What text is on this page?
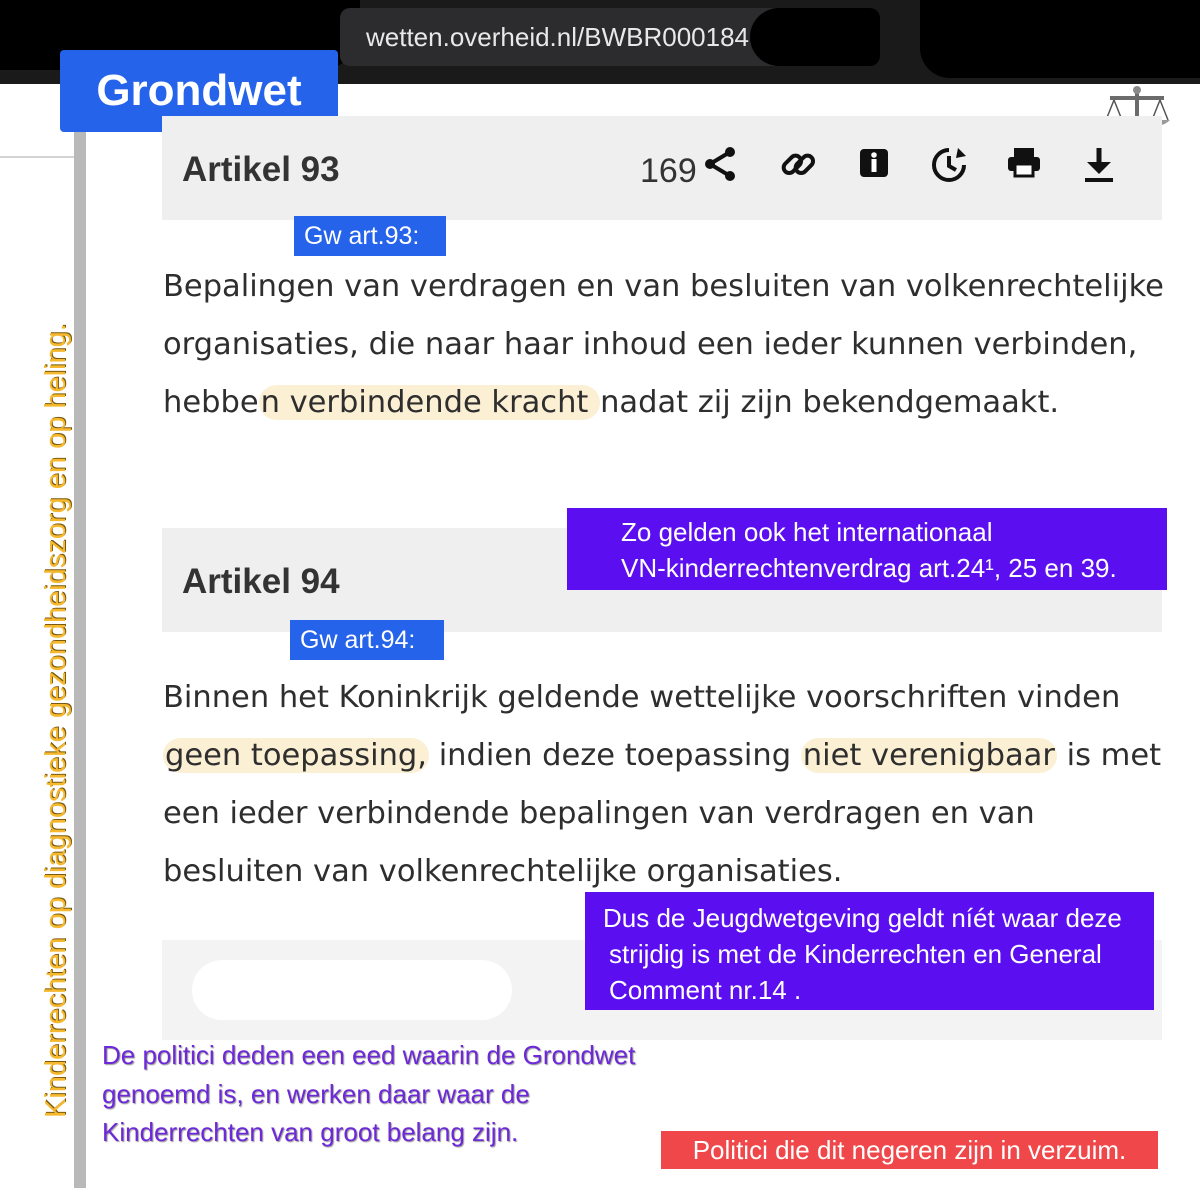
wetten.overheid.nl/BWBR000184
Grondwet
Kinderrechten op diagnostieke gezondheidszorg en op heling.
Artikel 93	169
Gw art.93:
Bepalingen van verdragen en van besluiten van volkenrechtelijke organisaties, die naar haar inhoud een ieder kunnen verbinden, hebben verbindende kracht nadat zij zijn bekendgemaakt.
Artikel 94
Zo gelden ook het internationaal
VN-kinderrechtenverdrag art.24¹, 25 en 39.
Gw art.94:
Binnen het Koninkrijk geldende wettelijke voorschriften vinden geen toepassing, indien deze toepassing niet verenigbaar is met een ieder verbindende bepalingen van verdragen en van besluiten van volkenrechtelijke organisaties.
Dus de Jeugdwetgeving geldt níét waar deze
strijdig is met de Kinderrechten en General
Comment nr.14 .
De politici deden een eed waarin de Grondwet
genoemd is, en werken daar waar de
Kinderrechten van groot belang zijn.
Politici die dit negeren zijn in verzuim.
